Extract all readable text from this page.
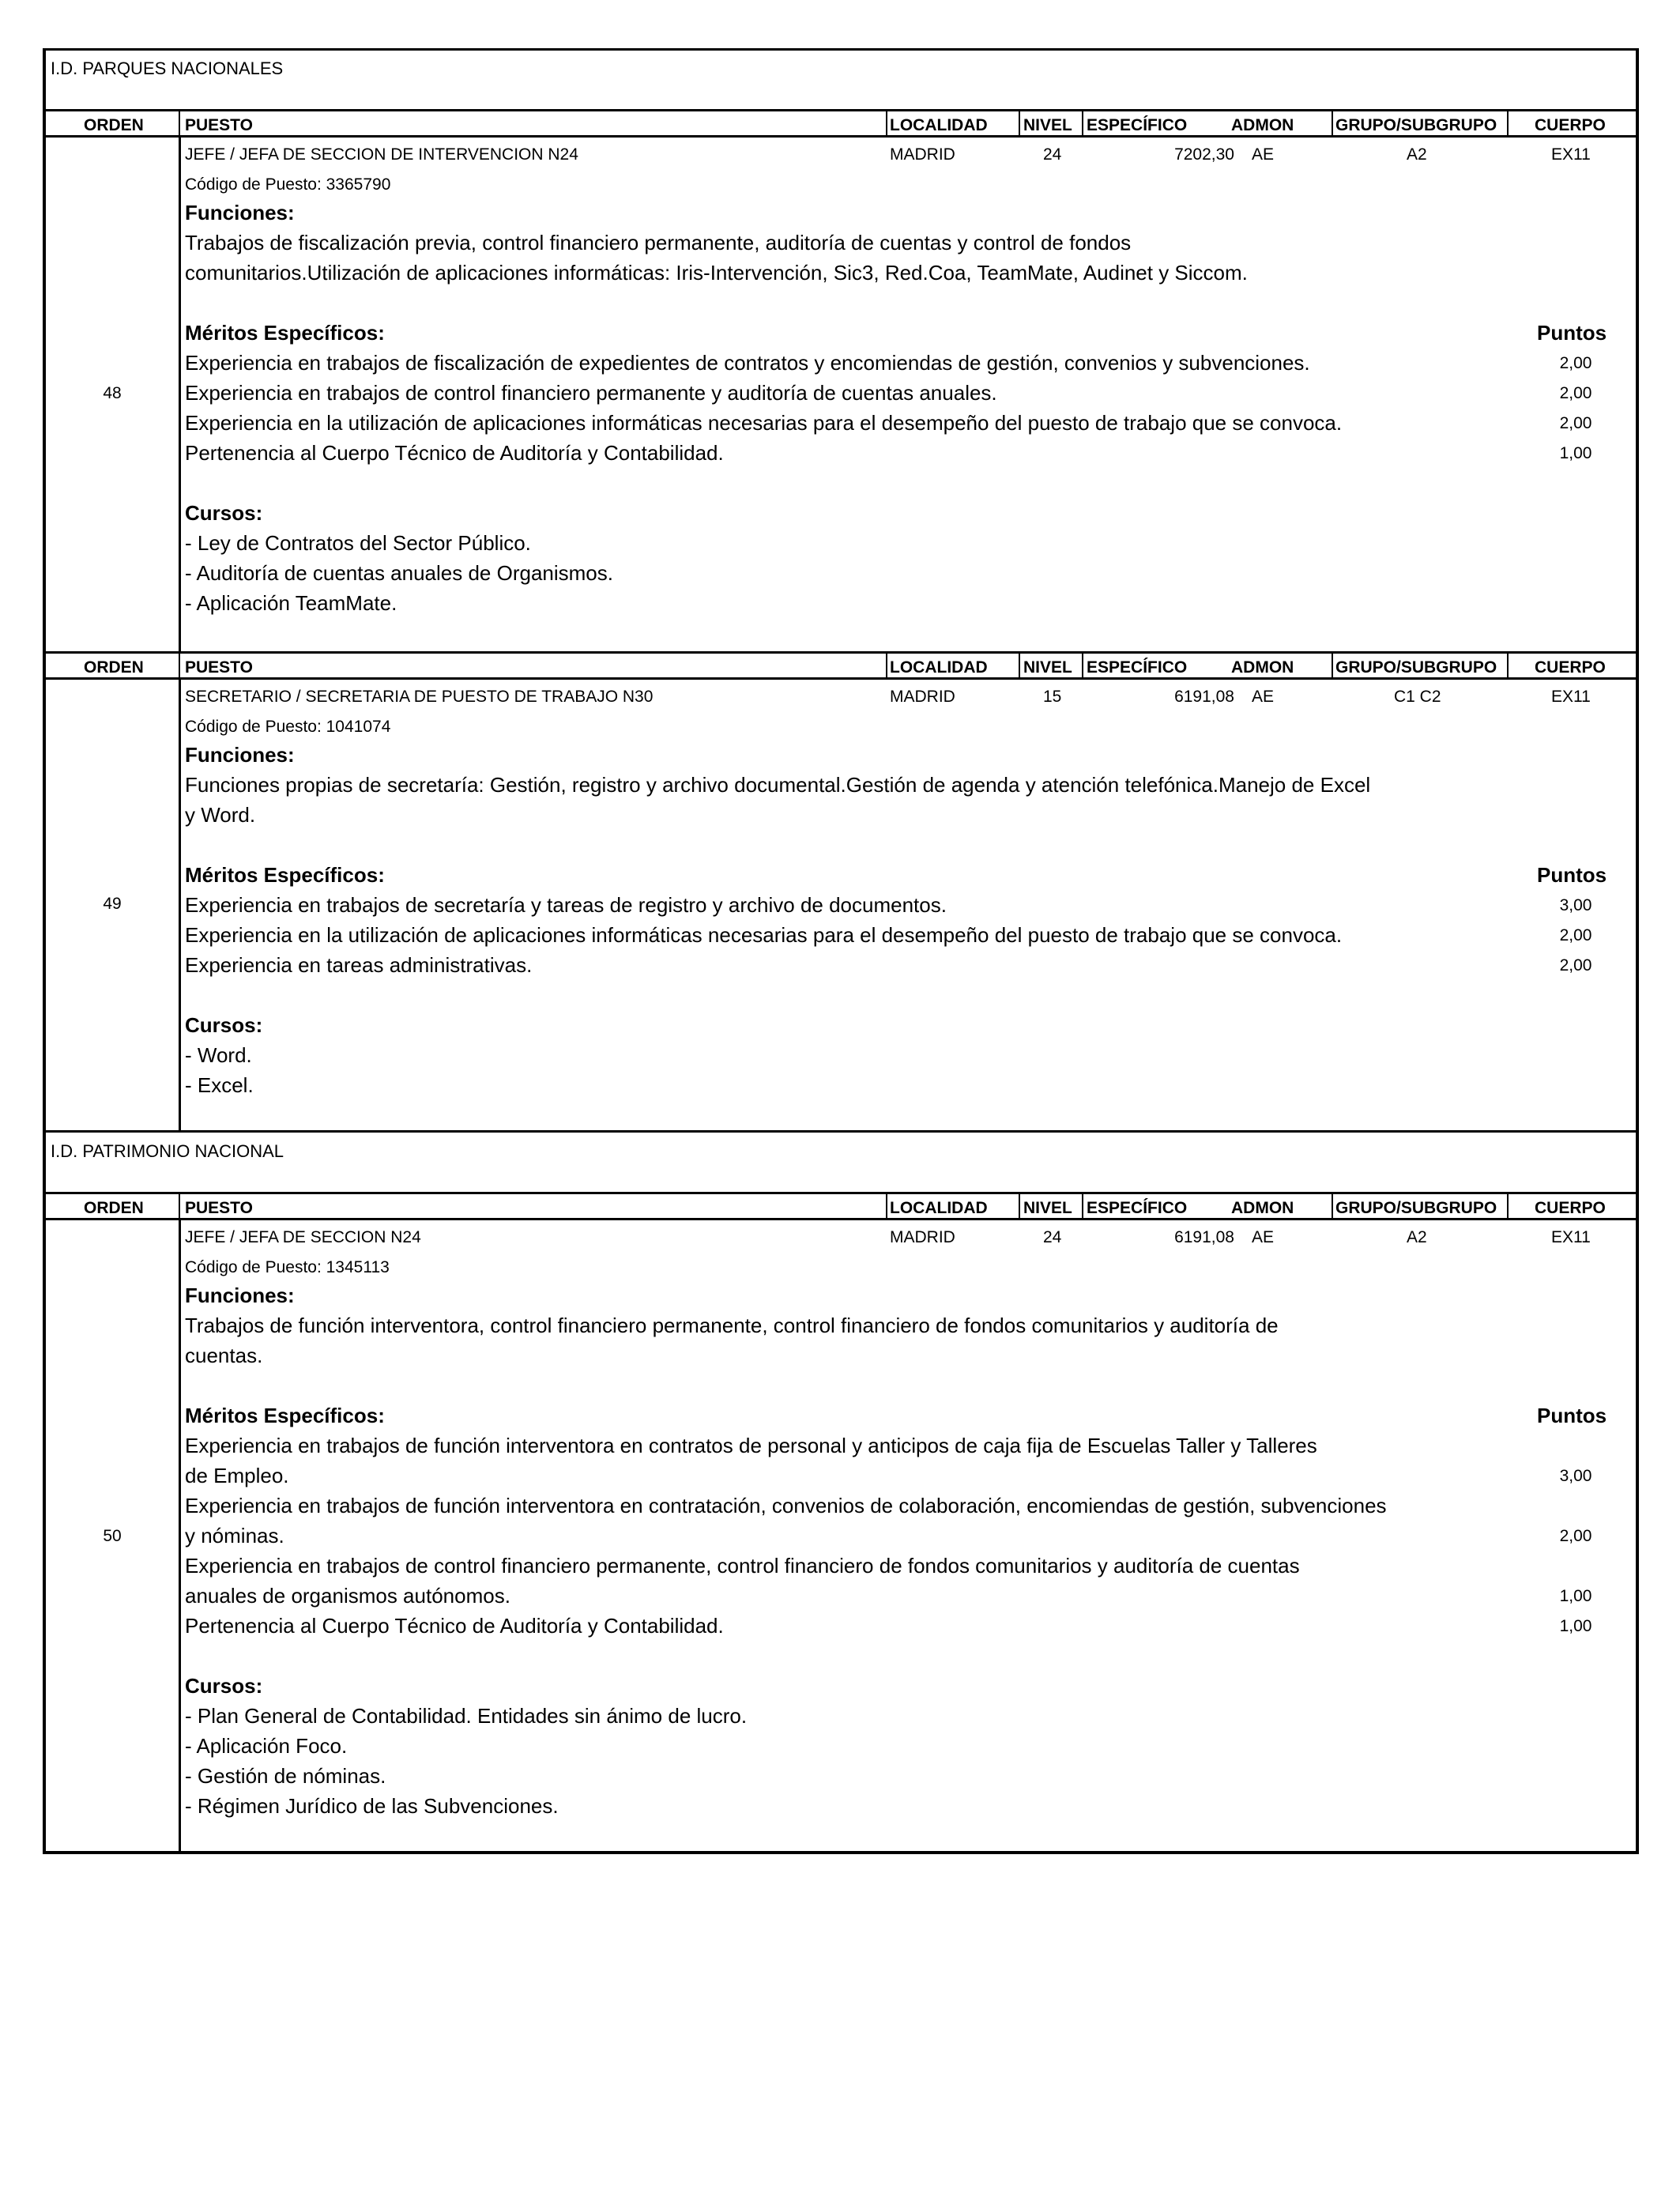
I.D. PARQUES NACIONALES
ORDEN PUESTO	LOCALIDAD NIVEL ESPECÍFICO	ADMON	GRUPO/SUBGRUPO CUERPO
48
JEFE / JEFA DE SECCION DE INTERVENCION N24	MADRID	24	7202,30 AE	A2	EX11
Código de Puesto: 3365790
Funciones:
Trabajos de fiscalización previa, control financiero permanente, auditoría de cuentas y control de fondos
comunitarios.Utilización de aplicaciones informáticas: Iris-Intervención, Sic3, Red.Coa, TeamMate, Audinet y Siccom.
Méritos Específicos:	Puntos
Experiencia en trabajos de fiscalización de expedientes de contratos y encomiendas de gestión, convenios y subvenciones.	2,00
Experiencia en trabajos de control financiero permanente y auditoría de cuentas anuales.	2,00
Experiencia en la utilización de aplicaciones informáticas necesarias para el desempeño del puesto de trabajo que se convoca.	2,00
Pertenencia al Cuerpo Técnico de Auditoría y Contabilidad.	1,00
Cursos:
- Ley de Contratos del Sector Público.
- Auditoría de cuentas anuales de Organismos.
- Aplicación TeamMate.
ORDEN PUESTO	LOCALIDAD NIVEL ESPECÍFICO	ADMON	GRUPO/SUBGRUPO CUERPO
49
SECRETARIO / SECRETARIA DE PUESTO DE TRABAJO N30	MADRID	15	6191,08 AE	C1 C2	EX11
Código de Puesto: 1041074
Funciones:
Funciones propias de secretaría: Gestión, registro y archivo documental.Gestión de agenda y atención telefónica.Manejo de Excel
y Word.
Méritos Específicos:	Puntos
Experiencia en trabajos de secretaría y tareas de registro y archivo de documentos.	3,00
Experiencia en la utilización de aplicaciones informáticas necesarias para el desempeño del puesto de trabajo que se convoca.	2,00
Experiencia en tareas administrativas.	2,00
Cursos:
- Word.
- Excel.
I.D. PATRIMONIO NACIONAL
ORDEN PUESTO	LOCALIDAD NIVEL ESPECÍFICO	ADMON	GRUPO/SUBGRUPO CUERPO
50
JEFE / JEFA DE SECCION N24	MADRID	24	6191,08 AE	A2	EX11
Código de Puesto: 1345113
Funciones:
Trabajos de función interventora, control financiero permanente, control financiero de fondos comunitarios y auditoría de
cuentas.
Méritos Específicos:	Puntos
Experiencia en trabajos de función interventora en contratos de personal y anticipos de caja fija de Escuelas Taller y Talleres
de Empleo.	3,00
Experiencia en trabajos de función interventora en contratación, convenios de colaboración, encomiendas de gestión, subvenciones
y nóminas.	2,00
Experiencia en trabajos de control financiero permanente, control financiero de fondos comunitarios y auditoría de cuentas
anuales de organismos autónomos.	1,00
Pertenencia al Cuerpo Técnico de Auditoría y Contabilidad.	1,00
Cursos:
- Plan General de Contabilidad. Entidades sin ánimo de lucro.
- Aplicación Foco.
- Gestión de nóminas.
- Régimen Jurídico de las Subvenciones.
